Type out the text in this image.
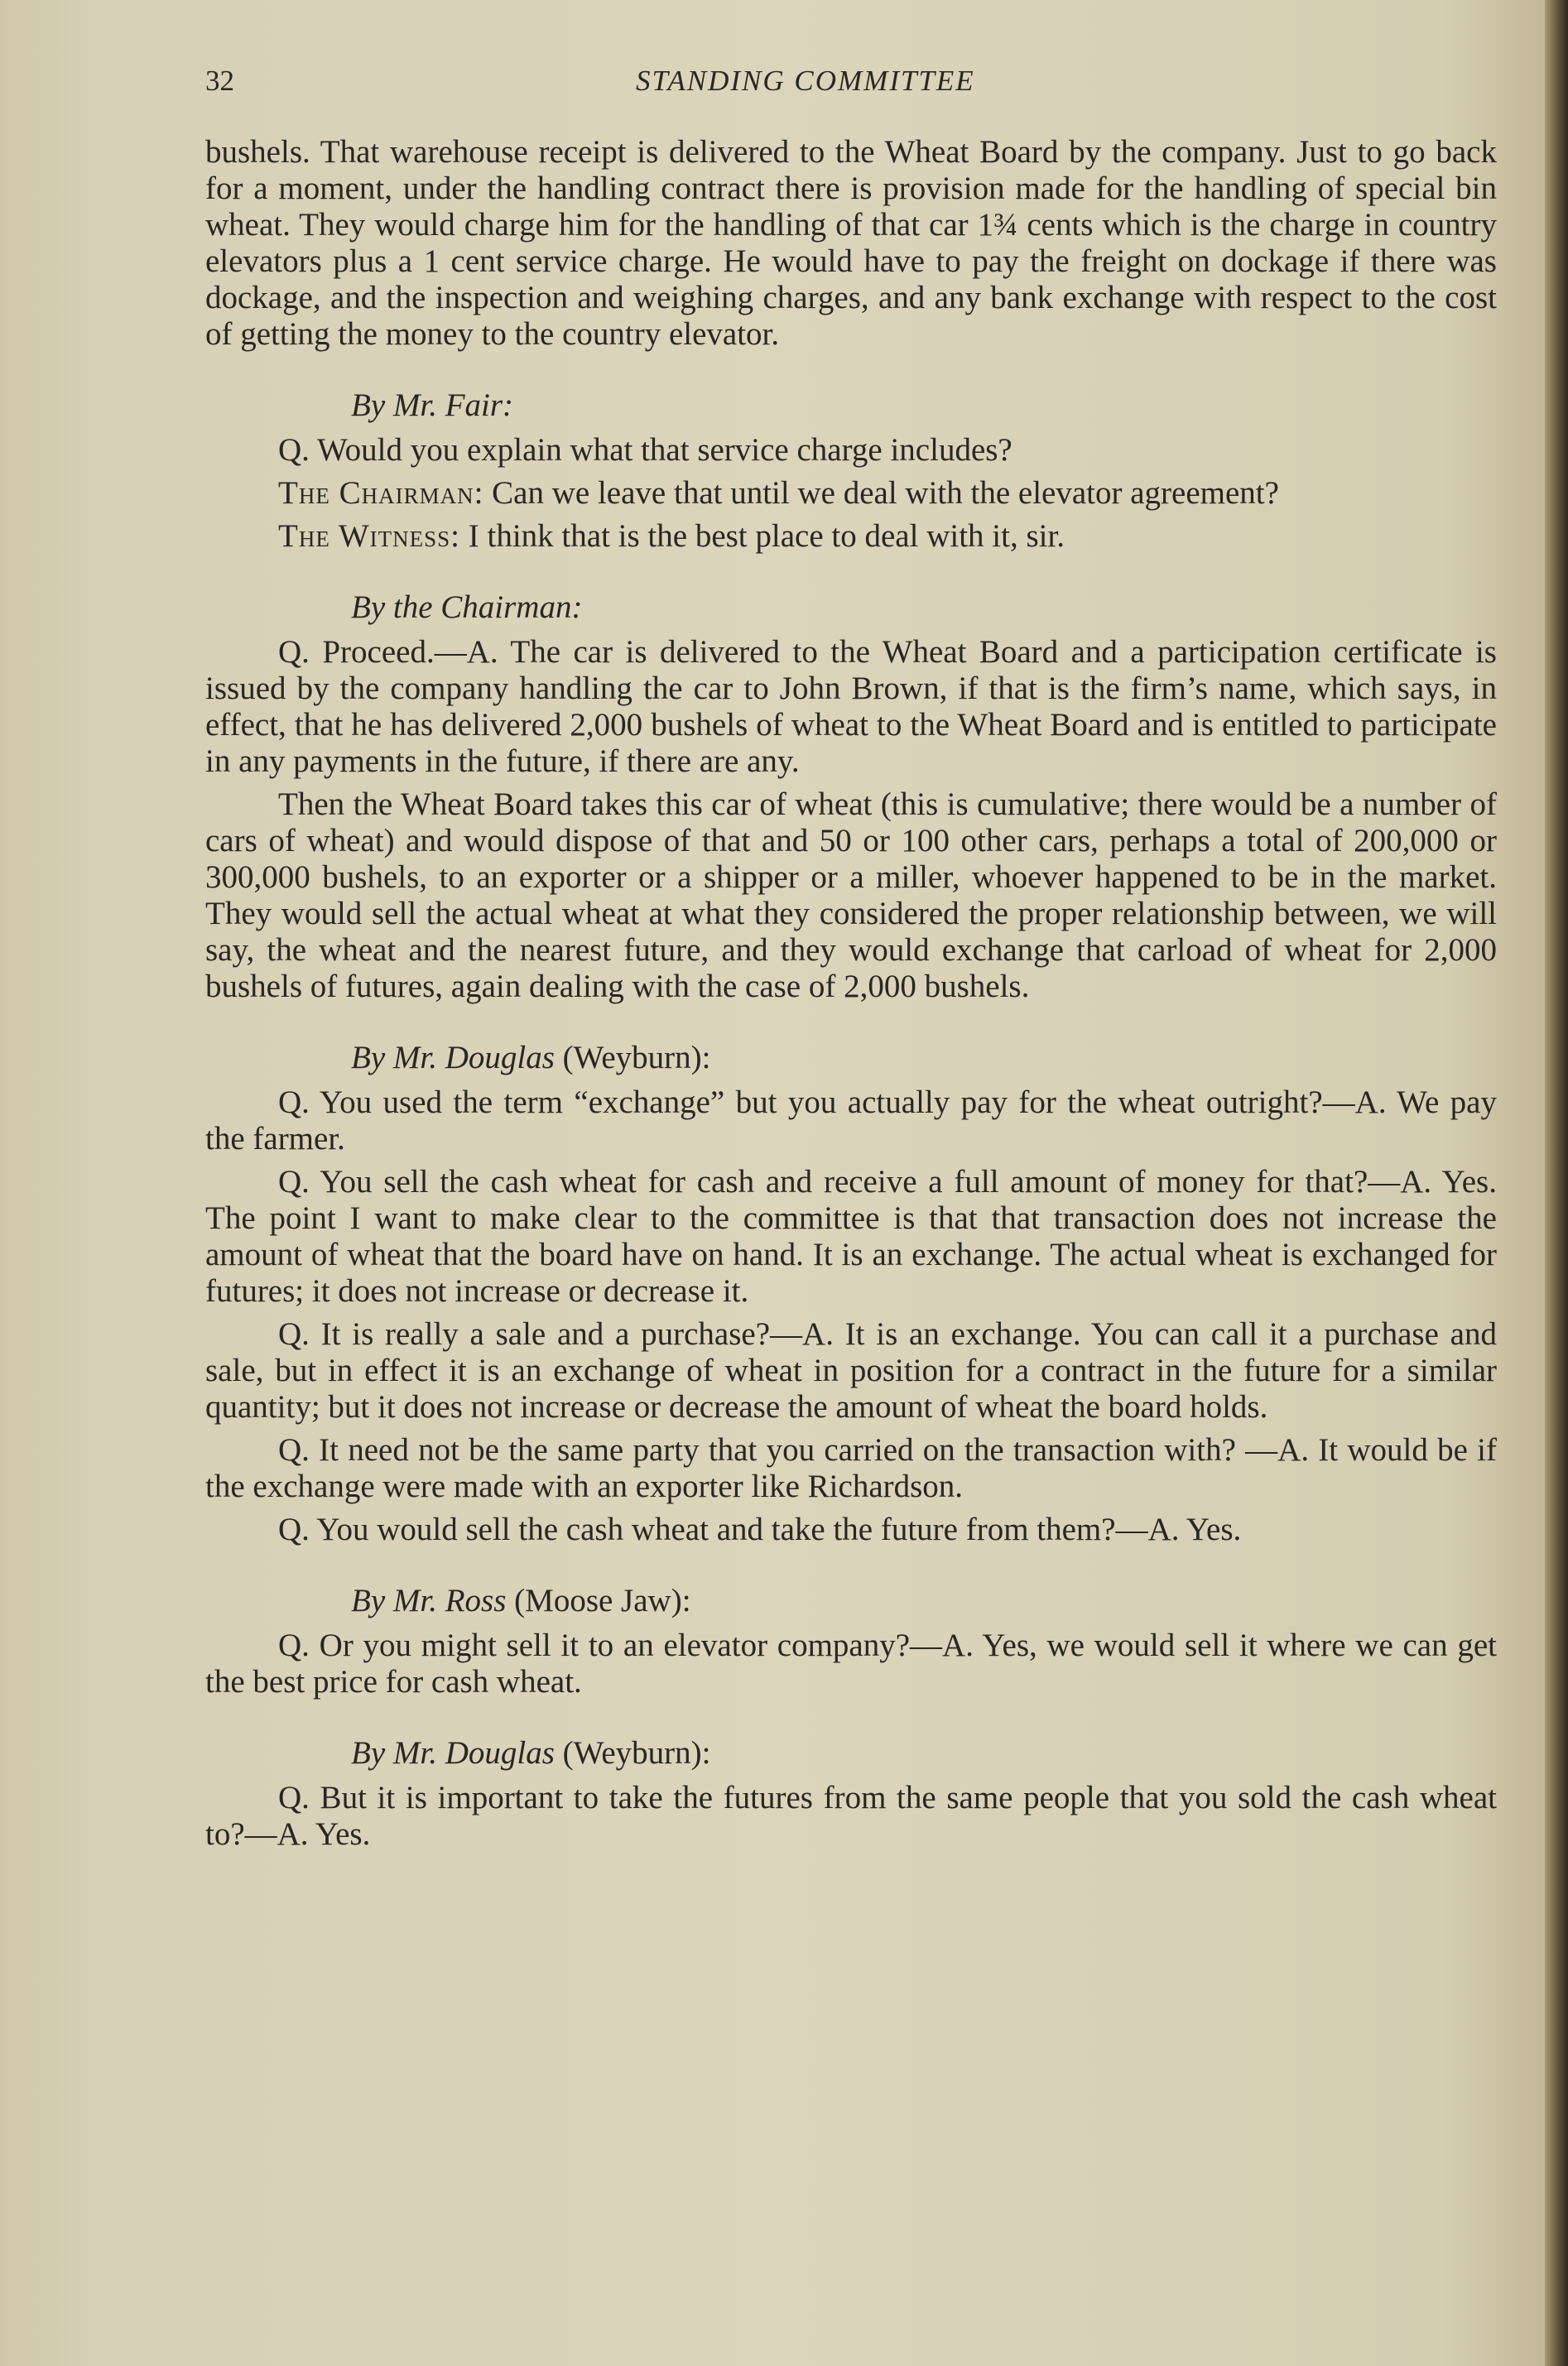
32	STANDING COMMITTEE

bushels. That warehouse receipt is delivered to the Wheat Board by the company. Just to go back for a moment, under the handling contract there is provision made for the handling of special bin wheat. They would charge him for the handling of that car 1¾ cents which is the charge in country elevators plus a 1 cent service charge. He would have to pay the freight on dockage if there was dockage, and the inspection and weighing charges, and any bank exchange with respect to the cost of getting the money to the country elevator.

By Mr. Fair:

Q. Would you explain what that service charge includes?

The Chairman: Can we leave that until we deal with the elevator agreement?

The Witness: I think that is the best place to deal with it, sir.

By the Chairman:

Q. Proceed.—A. The car is delivered to the Wheat Board and a participation certificate is issued by the company handling the car to John Brown, if that is the firm’s name, which says, in effect, that he has delivered 2,000 bushels of wheat to the Wheat Board and is entitled to participate in any payments in the future, if there are any.

Then the Wheat Board takes this car of wheat (this is cumulative; there would be a number of cars of wheat) and would dispose of that and 50 or 100 other cars, perhaps a total of 200,000 or 300,000 bushels, to an exporter or a shipper or a miller, whoever happened to be in the market. They would sell the actual wheat at what they considered the proper relationship between, we will say, the wheat and the nearest future, and they would exchange that carload of wheat for 2,000 bushels of futures, again dealing with the case of 2,000 bushels.

By Mr. Douglas (Weyburn):

Q. You used the term “exchange” but you actually pay for the wheat outright?—A. We pay the farmer.

Q. You sell the cash wheat for cash and receive a full amount of money for that?—A. Yes. The point I want to make clear to the committee is that that transaction does not increase the amount of wheat that the board have on hand. It is an exchange. The actual wheat is exchanged for futures; it does not increase or decrease it.

Q. It is really a sale and a purchase?—A. It is an exchange. You can call it a purchase and sale, but in effect it is an exchange of wheat in position for a contract in the future for a similar quantity; but it does not increase or decrease the amount of wheat the board holds.

Q. It need not be the same party that you carried on the transaction with? —A. It would be if the exchange were made with an exporter like Richardson.

Q. You would sell the cash wheat and take the future from them?—A. Yes.

By Mr. Ross (Moose Jaw):

Q. Or you might sell it to an elevator company?—A. Yes, we would sell it where we can get the best price for cash wheat.

By Mr. Douglas (Weyburn):

Q. But it is important to take the futures from the same people that you sold the cash wheat to?—A. Yes.
